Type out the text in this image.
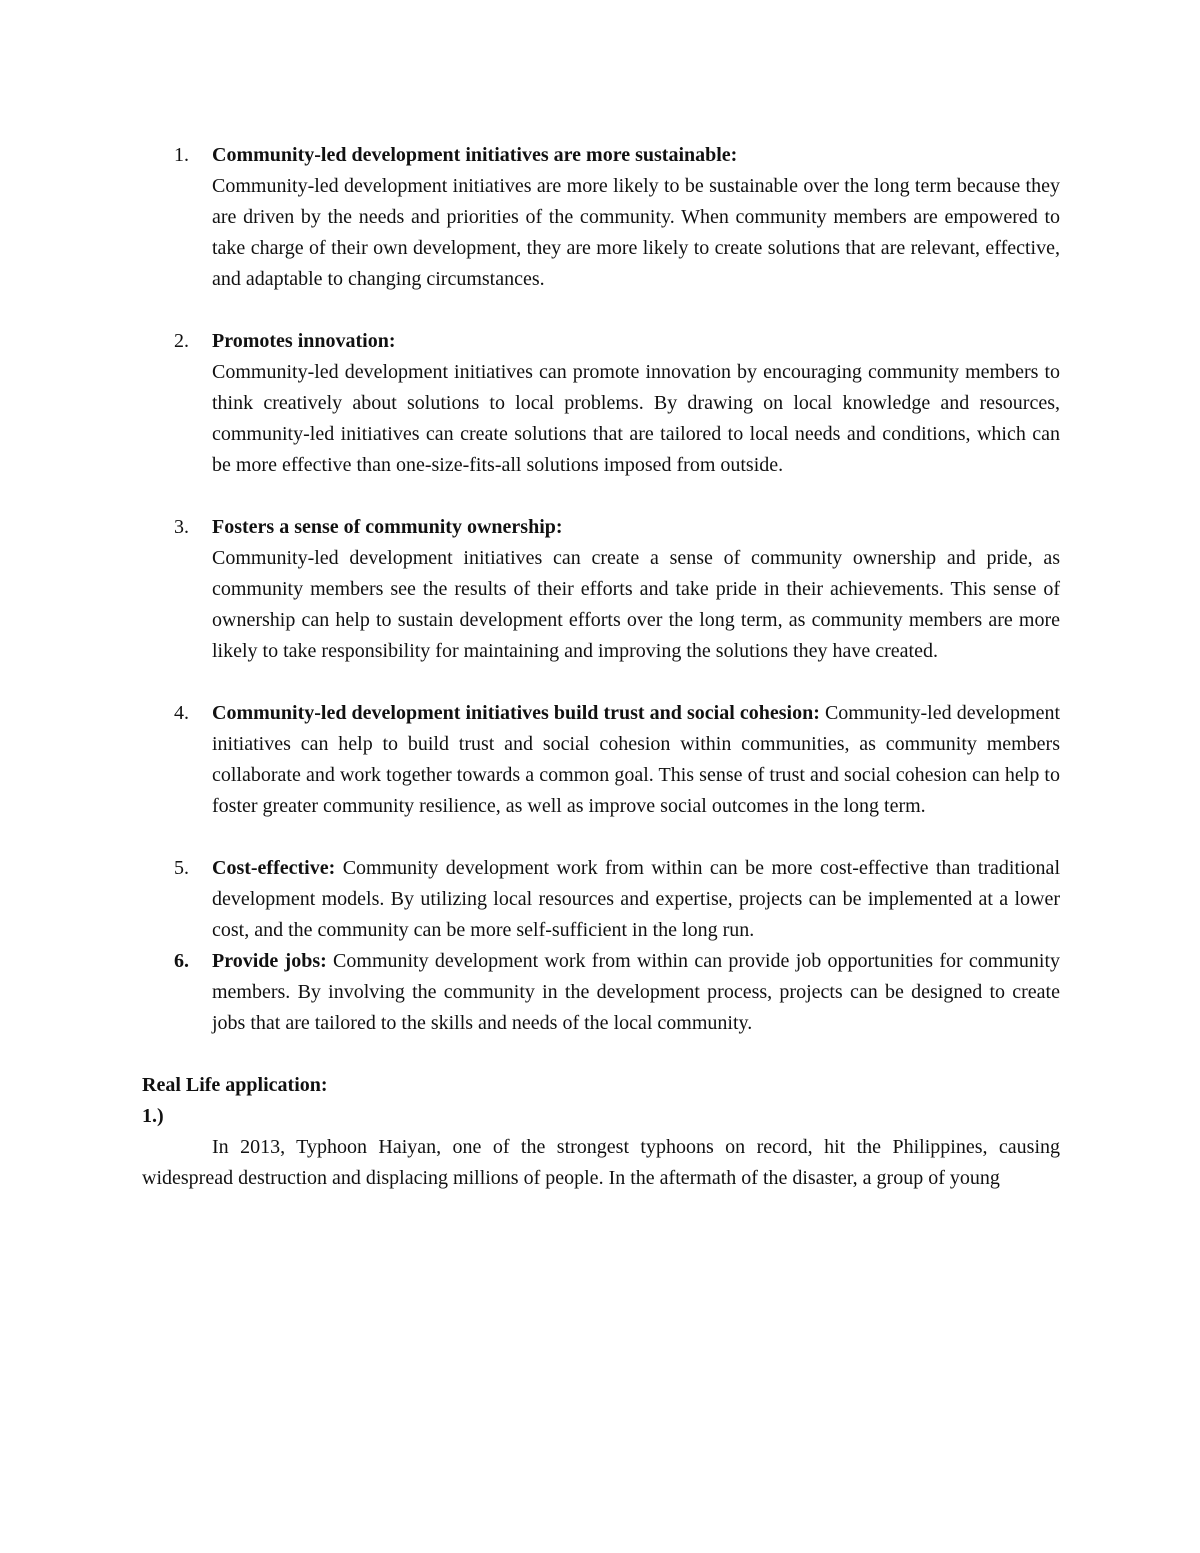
1. Community-led development initiatives are more sustainable:
Community-led development initiatives are more likely to be sustainable over the long term because they are driven by the needs and priorities of the community. When community members are empowered to take charge of their own development, they are more likely to create solutions that are relevant, effective, and adaptable to changing circumstances.
2. Promotes innovation:
Community-led development initiatives can promote innovation by encouraging community members to think creatively about solutions to local problems. By drawing on local knowledge and resources, community-led initiatives can create solutions that are tailored to local needs and conditions, which can be more effective than one-size-fits-all solutions imposed from outside.
3. Fosters a sense of community ownership:
Community-led development initiatives can create a sense of community ownership and pride, as community members see the results of their efforts and take pride in their achievements. This sense of ownership can help to sustain development efforts over the long term, as community members are more likely to take responsibility for maintaining and improving the solutions they have created.
4. Community-led development initiatives build trust and social cohesion: Community-led development initiatives can help to build trust and social cohesion within communities, as community members collaborate and work together towards a common goal. This sense of trust and social cohesion can help to foster greater community resilience, as well as improve social outcomes in the long term.
5. Cost-effective: Community development work from within can be more cost-effective than traditional development models. By utilizing local resources and expertise, projects can be implemented at a lower cost, and the community can be more self-sufficient in the long run.
6. Provide jobs: Community development work from within can provide job opportunities for community members. By involving the community in the development process, projects can be designed to create jobs that are tailored to the skills and needs of the local community.
Real Life application:
1.)
In 2013, Typhoon Haiyan, one of the strongest typhoons on record, hit the Philippines, causing widespread destruction and displacing millions of people. In the aftermath of the disaster, a group of young
